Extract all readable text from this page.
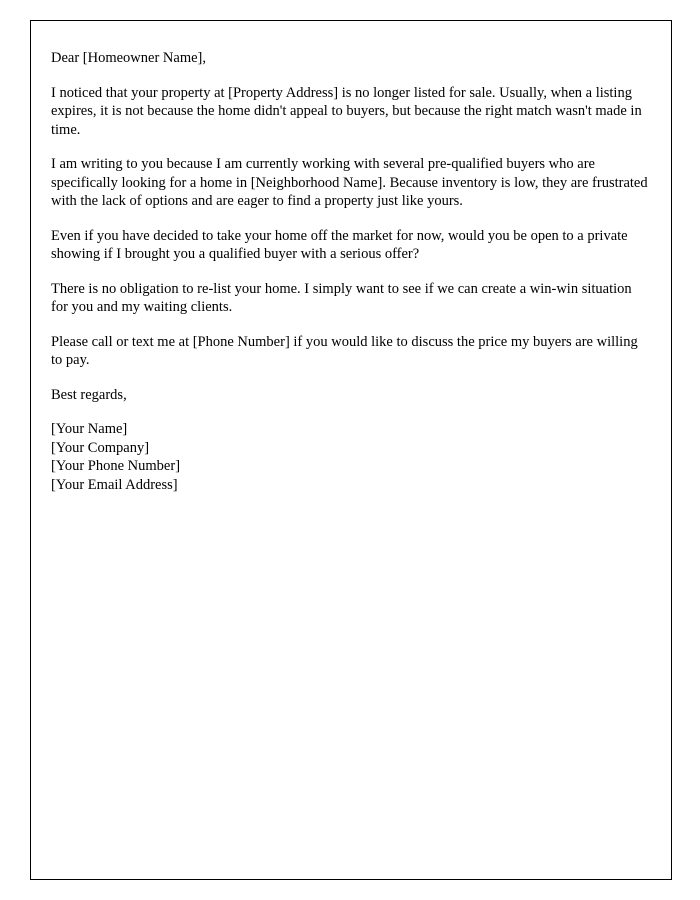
Dear [Homeowner Name],

I noticed that your property at [Property Address] is no longer listed for sale. Usually, when a listing expires, it is not because the home didn't appeal to buyers, but because the right match wasn't made in time.

I am writing to you because I am currently working with several pre-qualified buyers who are specifically looking for a home in [Neighborhood Name]. Because inventory is low, they are frustrated with the lack of options and are eager to find a property just like yours.

Even if you have decided to take your home off the market for now, would you be open to a private showing if I brought you a qualified buyer with a serious offer?

There is no obligation to re-list your home. I simply want to see if we can create a win-win situation for you and my waiting clients.

Please call or text me at [Phone Number] if you would like to discuss the price my buyers are willing to pay.

Best regards,

[Your Name]
[Your Company]
[Your Phone Number]
[Your Email Address]
